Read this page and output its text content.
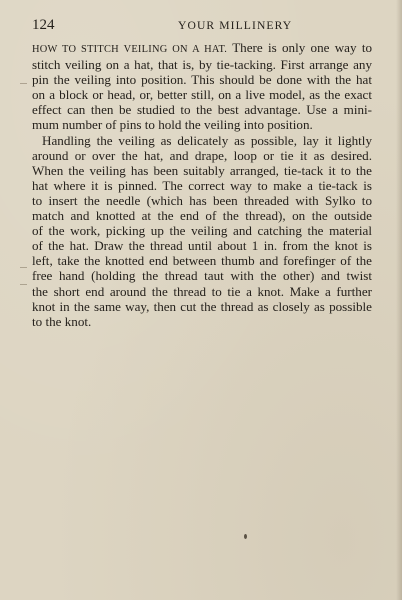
124	YOUR MILLINERY
HOW TO STITCH VEILING ON A HAT. There is only one way to
stitch veiling on a hat, that is, by tie-tacking. First arrange any
pin the veiling into position. This should be done with the hat
on a block or head, or, better still, on a live model, as the exact
effect can then be studied to the best advantage. Use a mini-
mum number of pins to hold the veiling into position.
Handling the veiling as delicately as possible, lay it lightly
around or over the hat, and drape, loop or tie it as desired.
When the veiling has been suitably arranged, tie-tack it to the
hat where it is pinned. The correct way to make a tie-tack is
to insert the needle (which has been threaded with Sylko to
match and knotted at the end of the thread), on the outside
of the work, picking up the veiling and catching the material
of the hat. Draw the thread until about 1 in. from the knot is
left, take the knotted end between thumb and forefinger of the
free hand (holding the thread taut with the other) and twist
the short end around the thread to tie a knot. Make a further
knot in the same way, then cut the thread as closely as possible
to the knot.
